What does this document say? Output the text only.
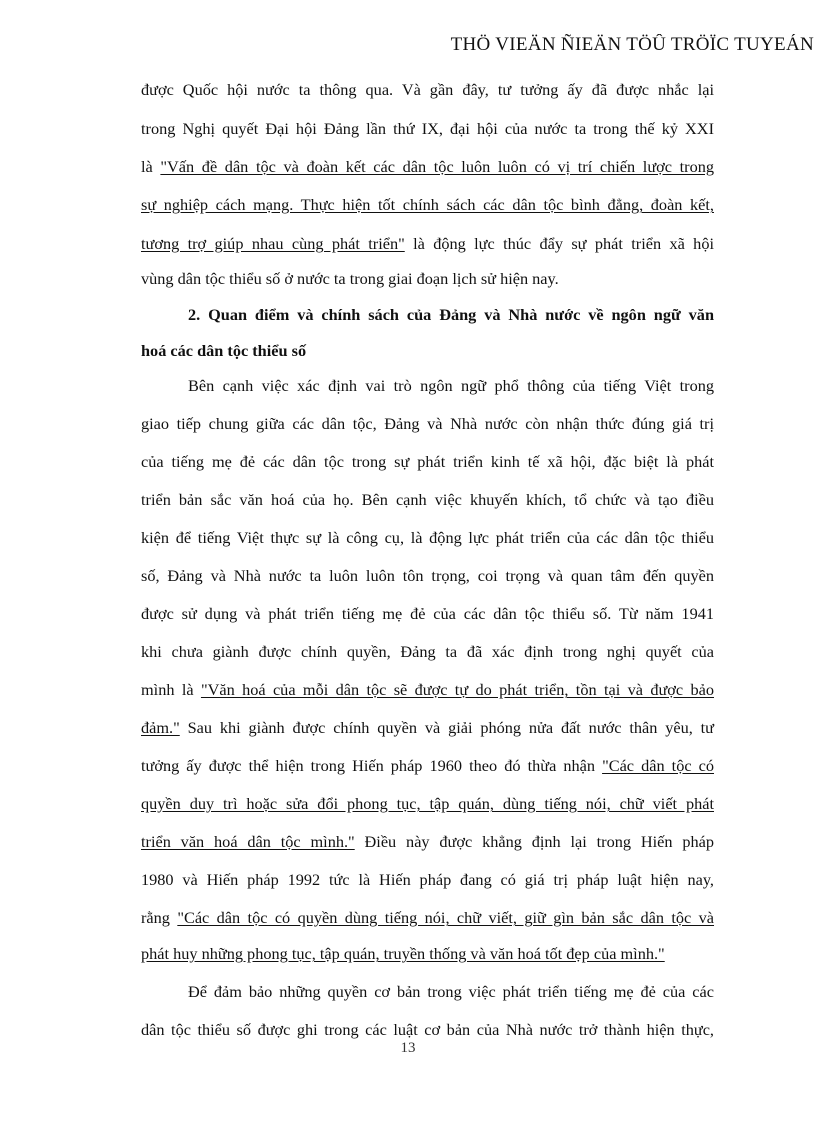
THÖ VIEÄN ÑIEÄN TÖÛ TRÖÏC TUYEÁN
được Quốc hội nước ta thông qua. Và gần đây, tư tưởng ấy đã được nhắc lại
trong Nghị quyết Đại hội Đảng lần thứ IX, đại hội của nước ta trong thế kỷ XXI
là "Vấn đề dân tộc và đoàn kết các dân tộc luôn luôn có vị trí chiến lược trong
sự nghiệp cách mạng. Thực hiện tốt chính sách các dân tộc bình đẳng, đoàn kết,
tương trợ giúp nhau cùng phát triển" là động lực thúc đẩy sự phát triển xã hội
vùng dân tộc thiểu số ở nước ta trong giai đoạn lịch sử hiện nay.
2. Quan điểm và chính sách của Đảng và Nhà nước về ngôn ngữ văn
hoá các dân tộc thiểu số
Bên cạnh việc xác định vai trò ngôn ngữ phổ thông của tiếng Việt trong
giao tiếp chung giữa các dân tộc, Đảng và Nhà nước còn nhận thức đúng giá trị
của tiếng mẹ đẻ các dân tộc trong sự phát triển kinh tế xã hội, đặc biệt là phát
triển bản sắc văn hoá của họ. Bên cạnh việc khuyến khích, tổ chức và tạo điều
kiện để tiếng Việt thực sự là công cụ, là động lực phát triển của các dân tộc thiểu
số, Đảng và Nhà nước ta luôn luôn tôn trọng, coi trọng và quan tâm đến quyền
được sử dụng và phát triển tiếng mẹ đẻ của các dân tộc thiểu số. Từ năm 1941
khi chưa giành được chính quyền, Đảng ta đã xác định trong nghị quyết của
mình là "Văn hoá của mỗi dân tộc sẽ được tự do phát triển, tồn tại và được bảo
đảm." Sau khi giành được chính quyền và giải phóng nửa đất nước thân yêu, tư
tưởng ấy được thể hiện trong Hiến pháp 1960 theo đó thừa nhận "Các dân tộc có
quyền duy trì hoặc sửa đổi phong tục, tập quán, dùng tiếng nói, chữ viết phát
triển văn hoá dân tộc mình." Điều này được khẳng định lại trong Hiến pháp
1980 và Hiến pháp 1992 tức là Hiến pháp đang có giá trị pháp luật hiện nay,
rằng "Các dân tộc có quyền dùng tiếng nói, chữ viết, giữ gìn bản sắc dân tộc và
phát huy những phong tục, tập quán, truyền thống và văn hoá tốt đẹp của mình."
Để đảm bảo những quyền cơ bản trong việc phát triển tiếng mẹ đẻ của các
dân tộc thiểu số được ghi trong các luật cơ bản của Nhà nước trở thành hiện thực,
13
